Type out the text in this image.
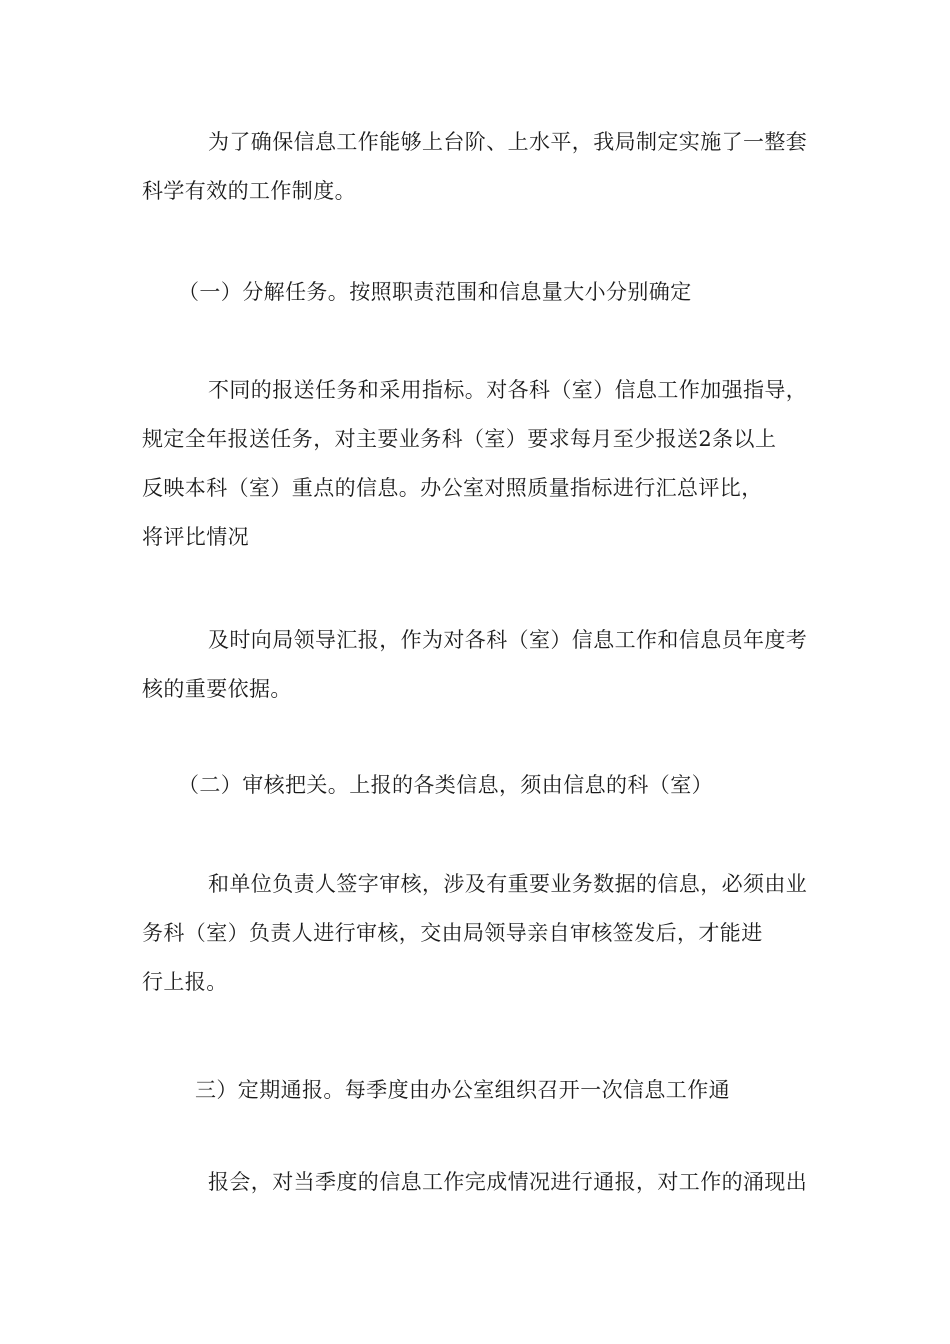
为了确保信息工作能够上台阶、上水平，我局制定实施了一整套
科学有效的工作制度。
（一）分解任务。按照职责范围和信息量大小分别确定
不同的报送任务和采用指标。对各科（室）信息工作加强指导，
规定全年报送任务，对主要业务科（室）要求每月至少报送2条以上
反映本科（室）重点的信息。办公室对照质量指标进行汇总评比，
将评比情况
及时向局领导汇报，作为对各科（室）信息工作和信息员年度考
核的重要依据。
（二）审核把关。上报的各类信息，须由信息的科（室）
和单位负责人签字审核，涉及有重要业务数据的信息，必须由业
务科（室）负责人进行审核，交由局领导亲自审核签发后，才能进
行上报。
三）定期通报。每季度由办公室组织召开一次信息工作通
报会，对当季度的信息工作完成情况进行通报，对工作的涌现出
